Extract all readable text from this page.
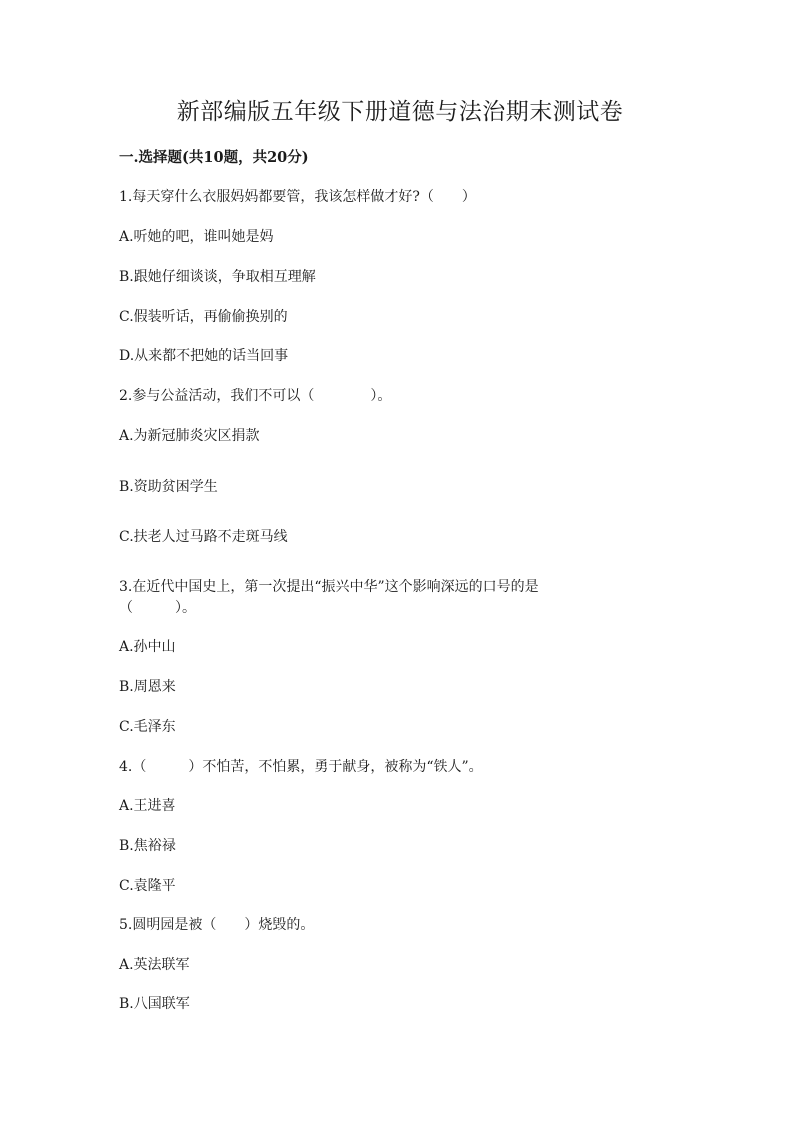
新部编版五年级下册道德与法治期末测试卷
一.选择题(共10题，共20分)
1.每天穿什么衣服妈妈都要管，我该怎样做才好?（　　）
A.听她的吧，谁叫她是妈
B.跟她仔细谈谈，争取相互理解
C.假装听话，再偷偷换别的
D.从来都不把她的话当回事
2.参与公益活动，我们不可以（　　　　）。
A.为新冠肺炎灾区捐款
B.资助贫困学生
C.扶老人过马路不走斑马线
3.在近代中国史上，第一次提出“振兴中华”这个影响深远的口号的是
（　　　）。
A.孙中山
B.周恩来
C.毛泽东
4.（　　　）不怕苦，不怕累，勇于献身，被称为“铁人”。
A.王进喜
B.焦裕禄
C.袁隆平
5.圆明园是被（　　）烧毁的。
A.英法联军
B.八国联军
